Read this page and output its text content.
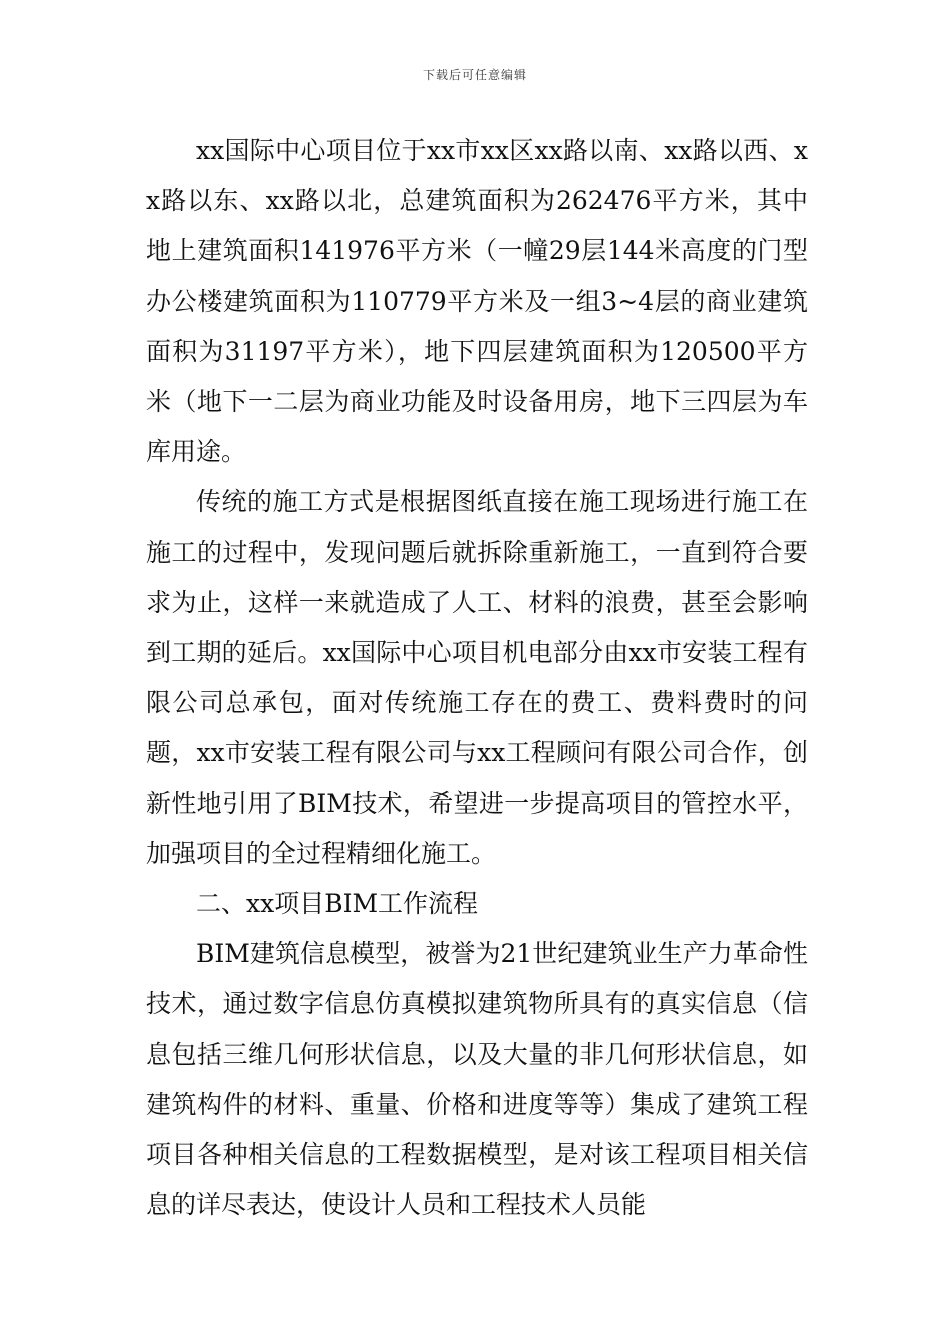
下载后可任意编辑

xx国际中心项目位于xx市xx区xx路以南、xx路以西、xx路以东、xx路以北，总建筑面积为262476平方米，其中地上建筑面积141976平方米（一幢29层144米高度的门型办公楼建筑面积为110779平方米及一组3~4层的商业建筑面积为31197平方米），地下四层建筑面积为120500平方米（地下一二层为商业功能及时设备用房，地下三四层为车库用途。

传统的施工方式是根据图纸直接在施工现场进行施工在施工的过程中，发现问题后就拆除重新施工，一直到符合要求为止，这样一来就造成了人工、材料的浪费，甚至会影响到工期的延后。xx国际中心项目机电部分由xx市安装工程有限公司总承包，面对传统施工存在的费工、费料费时的问题，xx市安装工程有限公司与xx工程顾问有限公司合作，创新性地引用了BIM技术，希望进一步提高项目的管控水平，加强项目的全过程精细化施工。

二、xx项目BIM工作流程

BIM建筑信息模型，被誉为21世纪建筑业生产力革命性技术，通过数字信息仿真模拟建筑物所具有的真实信息（信息包括三维几何形状信息，以及大量的非几何形状信息，如建筑构件的材料、重量、价格和进度等等）集成了建筑工程项目各种相关信息的工程数据模型，是对该工程项目相关信息的详尽表达，使设计人员和工程技术人员能
